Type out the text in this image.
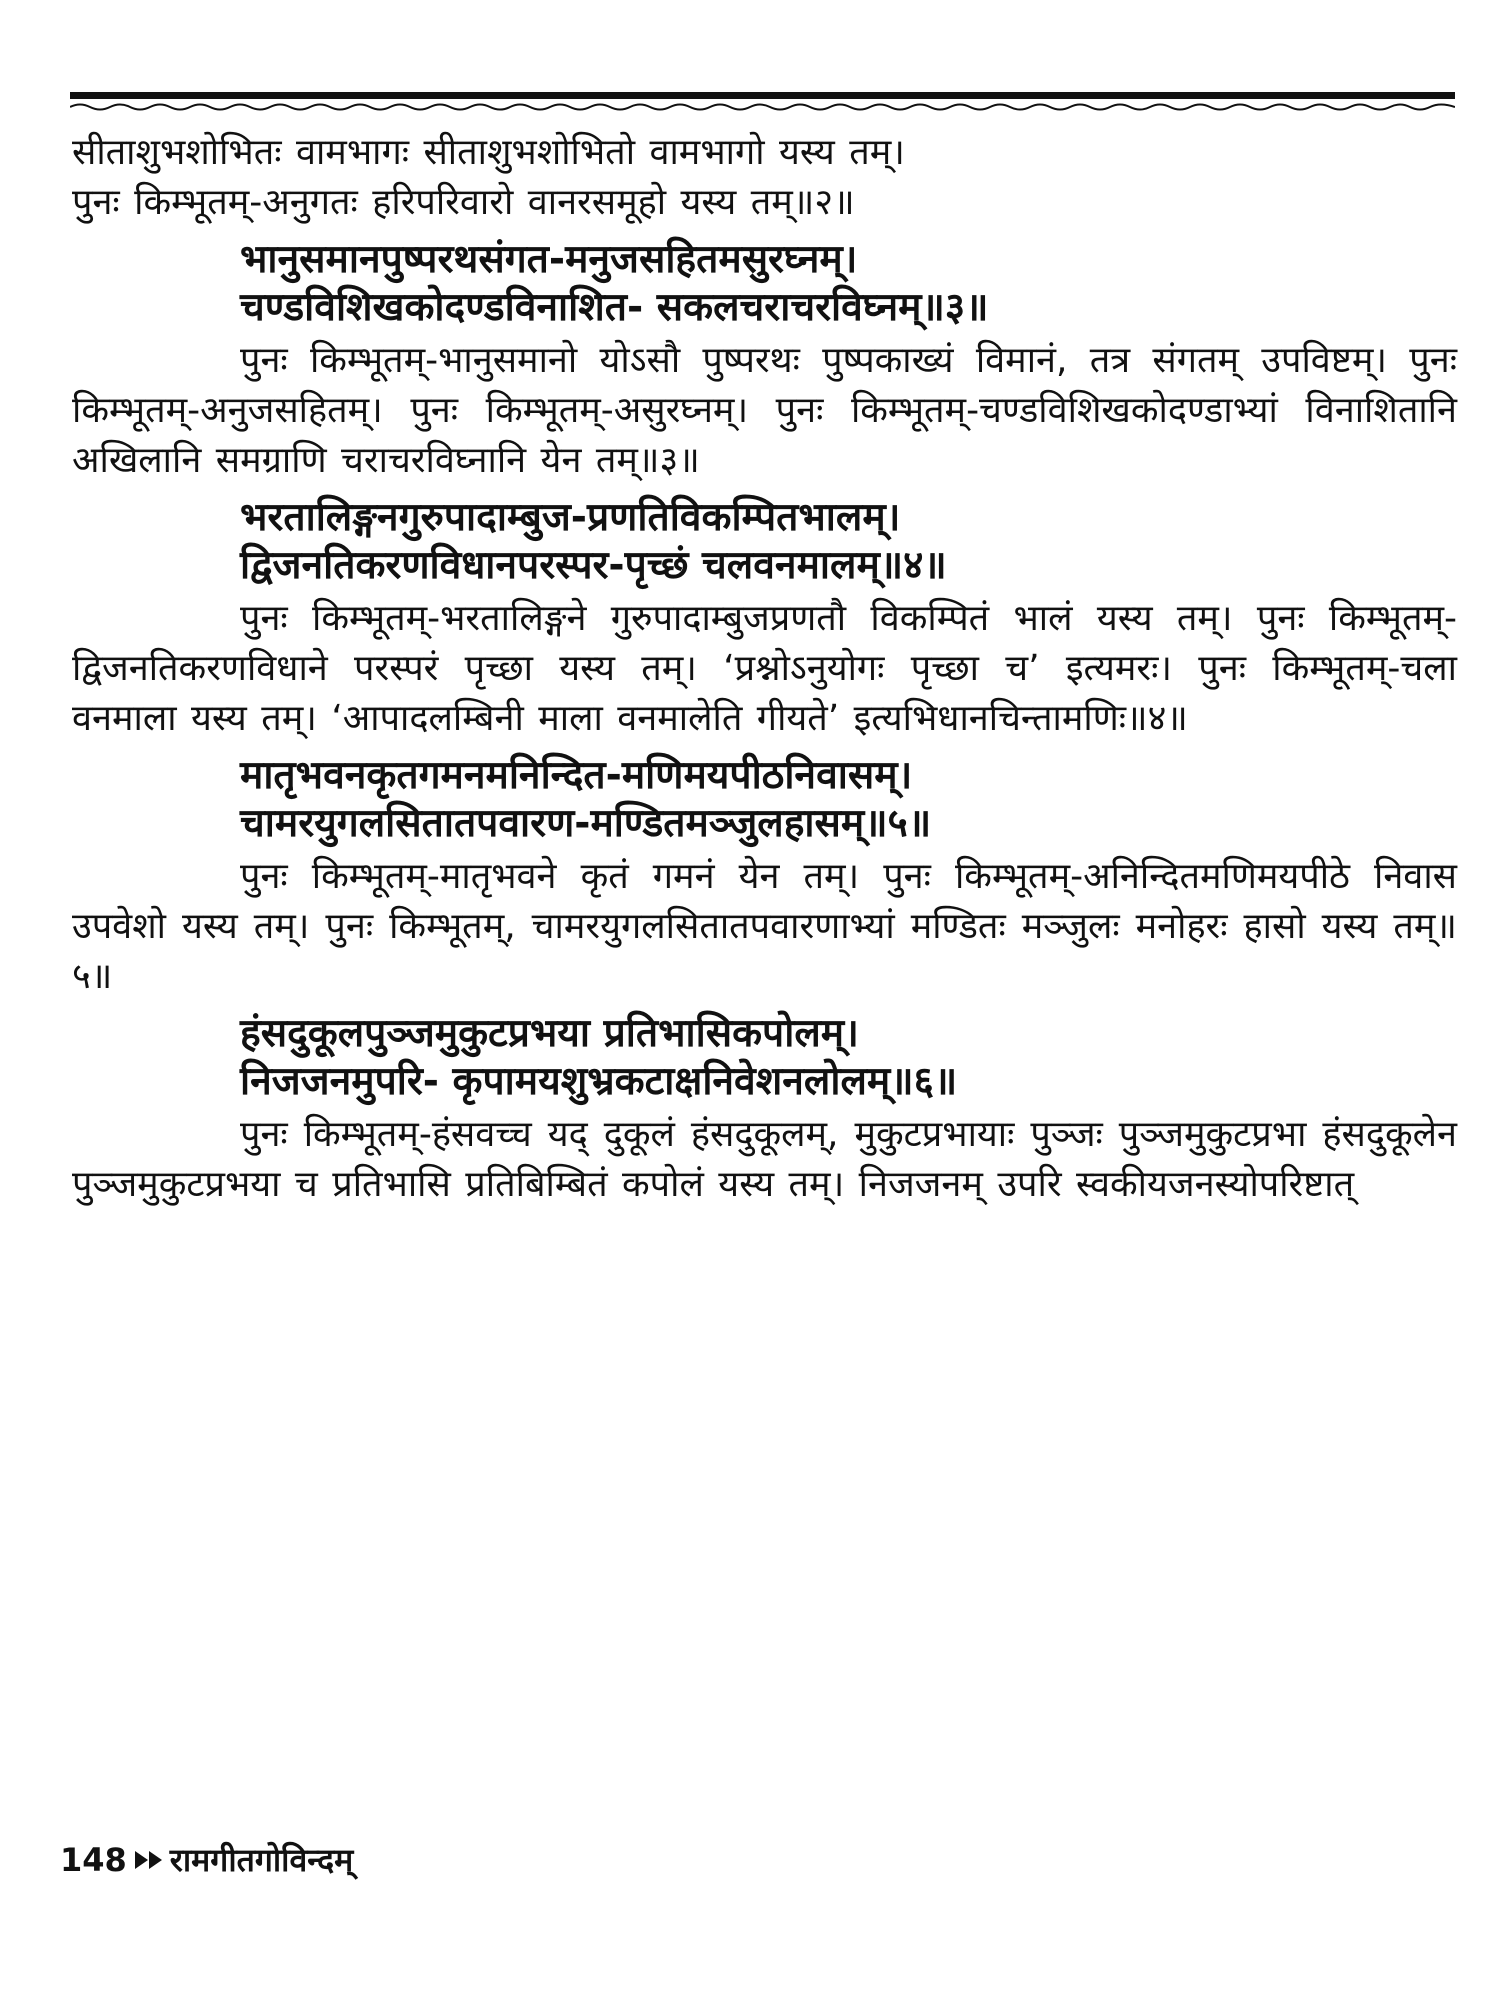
सीताशुभशोभितः वामभागः सीताशुभशोभितो वामभागो यस्य तम्।

पुनः किम्भूतम्-अनुगतः हरिपरिवारो वानरसमूहो यस्य तम्॥२॥

भानुसमानपुष्परथसंगत-मनुजसहितमसुरघ्नम्।
चण्डविशिखकोदण्डविनाशित- सकलचराचरविघ्नम्॥३॥

पुनः किम्भूतम्-भानुसमानो योऽसौ पुष्परथः पुष्पकाख्यं विमानं, तत्र संगतम् उपविष्टम्। पुनः किम्भूतम्-अनुजसहितम्। पुनः किम्भूतम्-असुरघ्नम्। पुनः किम्भूतम्-चण्डविशिखकोदण्डाभ्यां विनाशितानि अखिलानि समग्राणि चराचरविघ्नानि येन तम्॥३॥

भरतालिङ्गनगुरुपादाम्बुज-प्रणतिविकम्पितभालम्।
द्विजनतिकरणविधानपरस्पर-पृच्छं चलवनमालम्॥४॥

पुनः किम्भूतम्-भरतालिङ्गने गुरुपादाम्बुजप्रणतौ विकम्पितं भालं यस्य तम्। पुनः किम्भूतम्-द्विजनतिकरणविधाने परस्परं पृच्छा यस्य तम्। ‘प्रश्नोऽनुयोगः पृच्छा च’ इत्यमरः। पुनः किम्भूतम्-चला वनमाला यस्य तम्। ‘आपादलम्बिनी माला वनमालेति गीयते’ इत्यभिधानचिन्तामणिः॥४॥

मातृभवनकृतगमनमनिन्दित-मणिमयपीठनिवासम्।
चामरयुगलसितातपवारण-मण्डितमञ्जुलहासम्॥५॥

पुनः किम्भूतम्-मातृभवने कृतं गमनं येन तम्। पुनः किम्भूतम्-अनिन्दितमणिमयपीठे निवास उपवेशो यस्य तम्। पुनः किम्भूतम्, चामरयुगलसितातपवारणाभ्यां मण्डितः मञ्जुलः मनोहरः हासो यस्य तम्॥५॥

हंसदुकूलपुञ्जमुकुटप्रभया प्रतिभासिकपोलम्।
निजजनमुपरि- कृपामयशुभ्रकटाक्षनिवेशनलोलम्॥६॥

पुनः किम्भूतम्-हंसवच्च यद् दुकूलं हंसदुकूलम्, मुकुटप्रभायाः पुञ्जः पुञ्जमुकुटप्रभा हंसदुकूलेन पुञ्जमुकुटप्रभया च प्रतिभासि प्रतिबिम्बितं कपोलं यस्य तम्। निजजनम् उपरि स्वकीयजनस्योपरिष्टात्

148 रामगीतगोविन्दम्
